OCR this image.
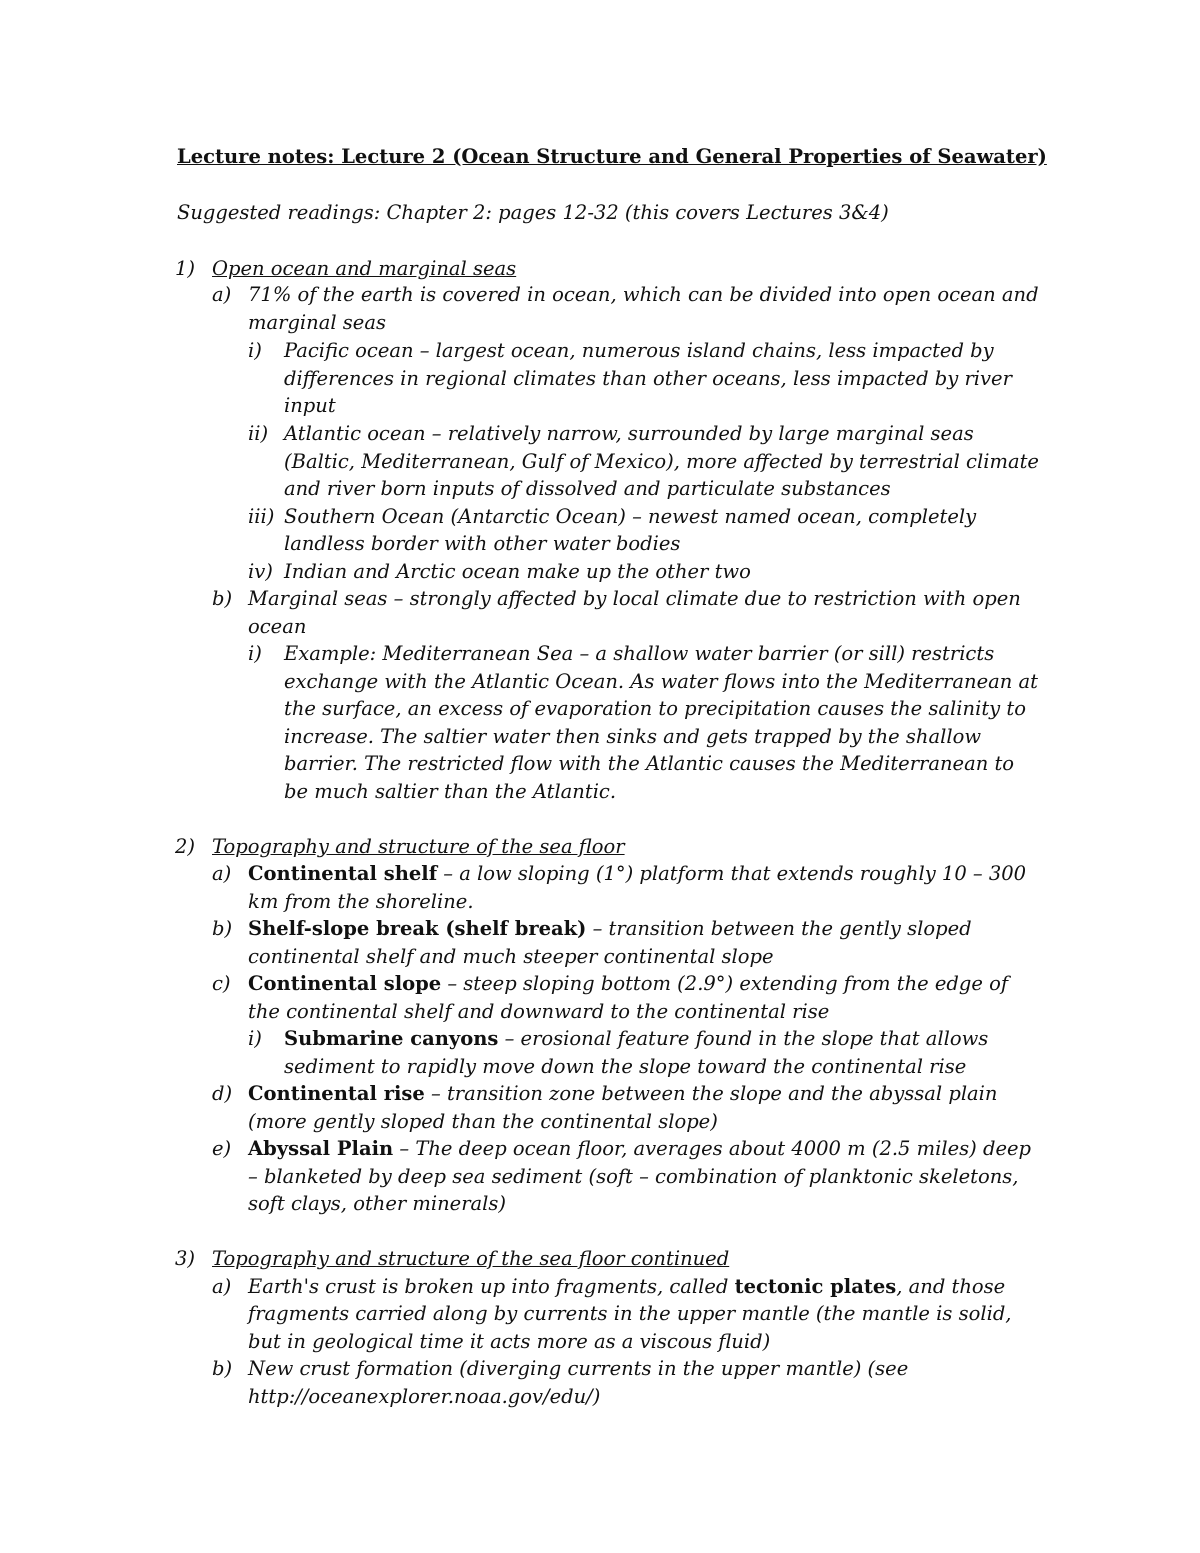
Lecture notes: Lecture 2 (Ocean Structure and General Properties of Seawater)
Suggested readings: Chapter 2: pages 12-32 (this covers Lectures 3&4)
1) Open ocean and marginal seas
a) 71% of the earth is covered in ocean, which can be divided into open ocean and
marginal seas
i) Pacific ocean – largest ocean, numerous island chains, less impacted by
differences in regional climates than other oceans, less impacted by river
input
ii) Atlantic ocean – relatively narrow, surrounded by large marginal seas
(Baltic, Mediterranean, Gulf of Mexico), more affected by terrestrial climate
and river born inputs of dissolved and particulate substances
iii) Southern Ocean (Antarctic Ocean) – newest named ocean, completely
landless border with other water bodies
iv) Indian and Arctic ocean make up the other two
b) Marginal seas – strongly affected by local climate due to restriction with open
ocean
i) Example: Mediterranean Sea – a shallow water barrier (or sill) restricts
exchange with the Atlantic Ocean. As water flows into the Mediterranean at
the surface, an excess of evaporation to precipitation causes the salinity to
increase. The saltier water then sinks and gets trapped by the shallow
barrier. The restricted flow with the Atlantic causes the Mediterranean to
be much saltier than the Atlantic.
2) Topography and structure of the sea floor
a) Continental shelf – a low sloping (1°) platform that extends roughly 10 – 300
km from the shoreline.
b) Shelf-slope break (shelf break) – transition between the gently sloped
continental shelf and much steeper continental slope
c) Continental slope – steep sloping bottom (2.9°) extending from the edge of
the continental shelf and downward to the continental rise
i) Submarine canyons – erosional feature found in the slope that allows
sediment to rapidly move down the slope toward the continental rise
d) Continental rise – transition zone between the slope and the abyssal plain
(more gently sloped than the continental slope)
e) Abyssal Plain – The deep ocean floor, averages about 4000 m (2.5 miles) deep
– blanketed by deep sea sediment (soft – combination of planktonic skeletons,
soft clays, other minerals)
3) Topography and structure of the sea floor continued
a) Earth's crust is broken up into fragments, called tectonic plates, and those
fragments carried along by currents in the upper mantle (the mantle is solid,
but in geological time it acts more as a viscous fluid)
b) New crust formation (diverging currents in the upper mantle) (see
http://oceanexplorer.noaa.gov/edu/)
